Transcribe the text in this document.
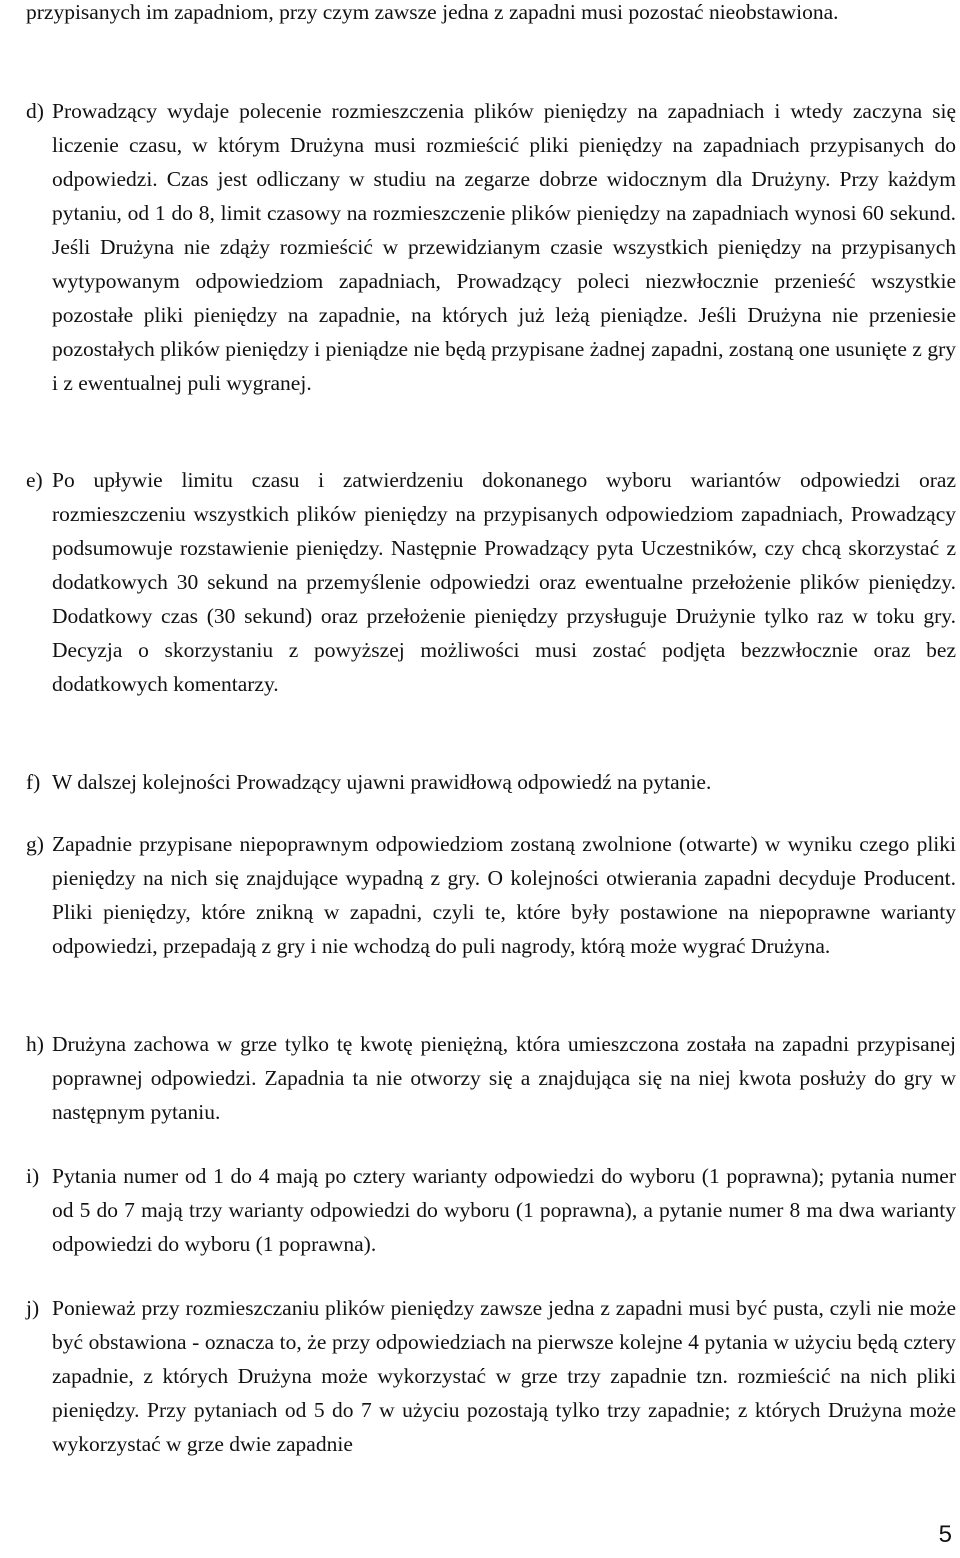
przypisanych im zapadniom, przy czym zawsze jedna z zapadni musi pozostać nieobstawiona.

d) Prowadzący wydaje polecenie rozmieszczenia plików pieniędzy na zapadniach i wtedy zaczyna się liczenie czasu, w którym Drużyna musi rozmieścić pliki pieniędzy na zapadniach przypisanych do odpowiedzi. Czas jest odliczany w studiu na zegarze dobrze widocznym dla Drużyny. Przy każdym pytaniu, od 1 do 8, limit czasowy na rozmieszczenie plików pieniędzy na zapadniach wynosi 60 sekund. Jeśli Drużyna nie zdąży rozmieścić w przewidzianym czasie wszystkich pieniędzy na przypisanych wytypowanym odpowiedziom zapadniach, Prowadzący poleci niezwłocznie przenieść wszystkie pozostałe pliki pieniędzy na zapadnie, na których już leżą pieniądze. Jeśli Drużyna nie przeniesie pozostałych plików pieniędzy i pieniądze nie będą przypisane żadnej zapadni, zostaną one usunięte z gry i z ewentualnej puli wygranej.

e) Po upływie limitu czasu i zatwierdzeniu dokonanego wyboru wariantów odpowiedzi oraz rozmieszczeniu wszystkich plików pieniędzy na przypisanych odpowiedziom zapadniach, Prowadzący podsumowuje rozstawienie pieniędzy. Następnie Prowadzący pyta Uczestników, czy chcą skorzystać z dodatkowych 30 sekund na przemyślenie odpowiedzi oraz ewentualne przełożenie plików pieniędzy. Dodatkowy czas (30 sekund) oraz przełożenie pieniędzy przysługuje Drużynie tylko raz w toku gry. Decyzja o skorzystaniu z powyższej możliwości musi zostać podjęta bezzwłocznie oraz bez dodatkowych komentarzy.

f) W dalszej kolejności Prowadzący ujawni prawidłową odpowiedź na pytanie.

g) Zapadnie przypisane niepoprawnym odpowiedziom zostaną zwolnione (otwarte) w wyniku czego pliki pieniędzy na nich się znajdujące wypadną z gry. O kolejności otwierania zapadni decyduje Producent. Pliki pieniędzy, które znikną w zapadni, czyli te, które były postawione na niepoprawne warianty odpowiedzi, przepadają z gry i nie wchodzą do puli nagrody, którą może wygrać Drużyna.

h) Drużyna zachowa w grze tylko tę kwotę pieniężną, która umieszczona została na zapadni przypisanej poprawnej odpowiedzi. Zapadnia ta nie otworzy się a znajdująca się na niej kwota posłuży do gry w następnym pytaniu.

i) Pytania numer od 1 do 4 mają po cztery warianty odpowiedzi do wyboru (1 poprawna); pytania numer od 5 do 7 mają trzy warianty odpowiedzi do wyboru (1 poprawna), a pytanie numer 8 ma dwa warianty odpowiedzi do wyboru (1 poprawna).

j) Ponieważ przy rozmieszczaniu plików pieniędzy zawsze jedna z zapadni musi być pusta, czyli nie może być obstawiona - oznacza to, że przy odpowiedziach na pierwsze kolejne 4 pytania w użyciu będą cztery zapadnie, z których Drużyna może wykorzystać w grze trzy zapadnie tzn. rozmieścić na nich pliki pieniędzy. Przy pytaniach od 5 do 7 w użyciu pozostają tylko trzy zapadnie; z których Drużyna może wykorzystać w grze dwie zapadnie

5
